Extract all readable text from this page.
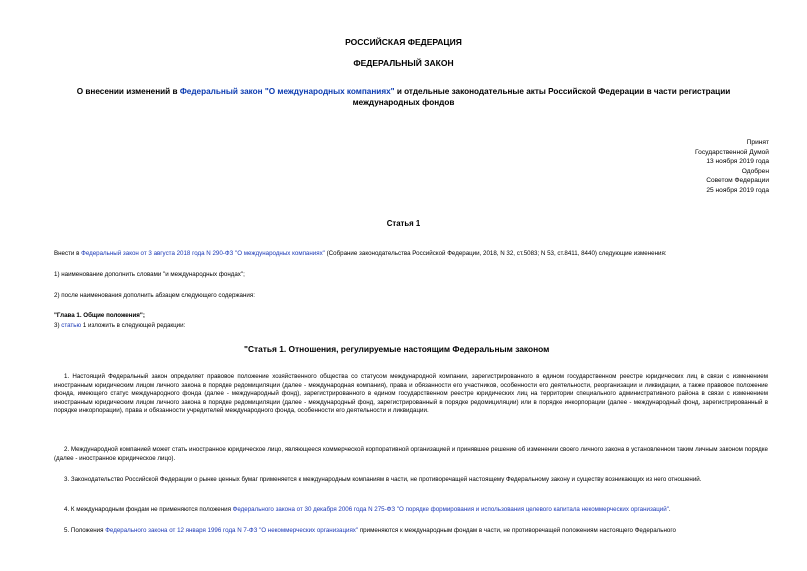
РОССИЙСКАЯ ФЕДЕРАЦИЯ
ФЕДЕРАЛЬНЫЙ ЗАКОН
О внесении изменений в Федеральный закон "О международных компаниях" и отдельные законодательные акты Российской Федерации в части регистрации международных фондов
Принят
Государственной Думой
13 ноября 2019 года
Одобрен
Советом Федерации
25 ноября 2019 года
Статья 1
Внести в Федеральный закон от 3 августа 2018 года N 290-ФЗ "О международных компаниях" (Собрание законодательства Российской Федерации, 2018, N 32, ст.5083; N 53, ст.8411, 8440) следующие изменения:
1) наименование дополнить словами "и международных фондах";
2) после наименования дополнить абзацем следующего содержания:
"Глава 1. Общие положения";
3) статью 1 изложить в следующей редакции:
"Статья 1. Отношения, регулируемые настоящим Федеральным законом
1. Настоящий Федеральный закон определяет правовое положение хозяйственного общества со статусом международной компании, зарегистрированного в едином государственном реестре юридических лиц в связи с изменением иностранным юридическим лицом личного закона в порядке редомициляции (далее - международная компания), права и обязанности его участников, особенности его деятельности, реорганизации и ликвидации, а также правовое положение фонда, имеющего статус международного фонда (далее - международный фонд), зарегистрированного в едином государственном реестре юридических лиц на территории специального административного района в связи с изменением иностранным юридическим лицом личного закона в порядке редомициляции (далее - международный фонд, зарегистрированный в порядке редомициляции) или в порядке инкорпорации (далее - международный фонд, зарегистрированный в порядке инкорпорации), права и обязанности учредителей международного фонда, особенности его деятельности и ликвидации.
2. Международной компанией может стать иностранное юридическое лицо, являющееся коммерческой корпоративной организацией и принявшее решение об изменении своего личного закона в установленном таким личным законом порядке (далее - иностранное юридическое лицо).
3. Законодательство Российской Федерации о рынке ценных бумаг применяется к международным компаниям в части, не противоречащей настоящему Федеральному закону и существу возникающих из него отношений.
4. К международным фондам не применяются положения Федерального закона от 30 декабря 2006 года N 275-ФЗ "О порядке формирования и использования целевого капитала некоммерческих организаций".
5. Положения Федерального закона от 12 января 1996 года N 7-ФЗ "О некоммерческих организациях" применяются к международным фондам в части, не противоречащей положениям настоящего Федерального
